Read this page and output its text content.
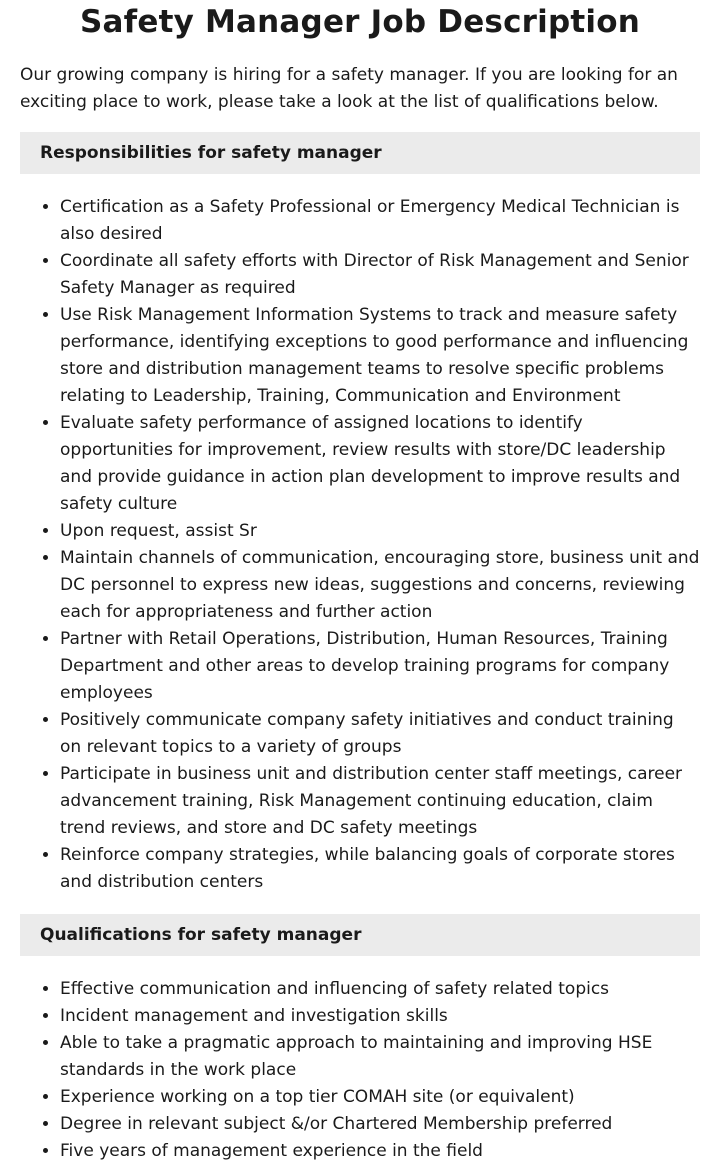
Safety Manager Job Description

Our growing company is hiring for a safety manager. If you are looking for an exciting place to work, please take a look at the list of qualifications below.

Responsibilities for safety manager
• Certification as a Safety Professional or Emergency Medical Technician is also desired
• Coordinate all safety efforts with Director of Risk Management and Senior Safety Manager as required
• Use Risk Management Information Systems to track and measure safety performance, identifying exceptions to good performance and influencing store and distribution management teams to resolve specific problems relating to Leadership, Training, Communication and Environment
• Evaluate safety performance of assigned locations to identify opportunities for improvement, review results with store/DC leadership and provide guidance in action plan development to improve results and safety culture
• Upon request, assist Sr
• Maintain channels of communication, encouraging store, business unit and DC personnel to express new ideas, suggestions and concerns, reviewing each for appropriateness and further action
• Partner with Retail Operations, Distribution, Human Resources, Training Department and other areas to develop training programs for company employees
• Positively communicate company safety initiatives and conduct training on relevant topics to a variety of groups
• Participate in business unit and distribution center staff meetings, career advancement training, Risk Management continuing education, claim trend reviews, and store and DC safety meetings
• Reinforce company strategies, while balancing goals of corporate stores and distribution centers
Qualifications for safety manager
• Effective communication and influencing of safety related topics
• Incident management and investigation skills
• Able to take a pragmatic approach to maintaining and improving HSE standards in the work place
• Experience working on a top tier COMAH site (or equivalent)
• Degree in relevant subject &/or Chartered Membership preferred
• Five years of management experience in the field
